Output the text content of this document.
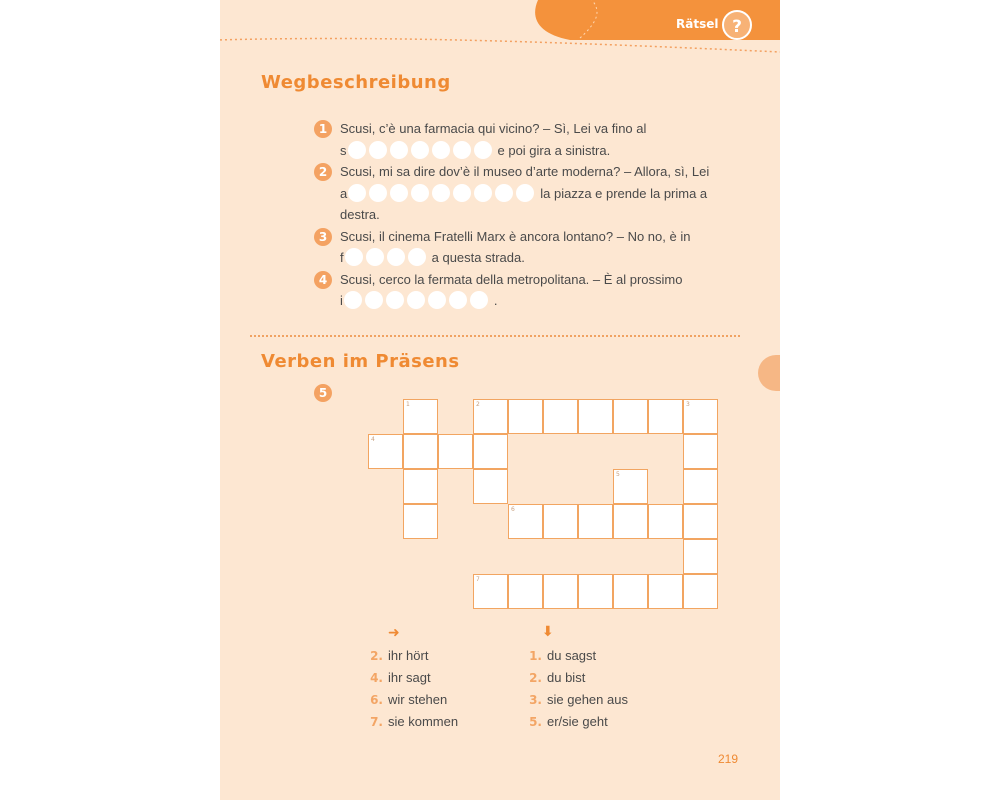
Rätsel ?
Wegbeschreibung
1 Scusi, c’è una farmacia qui vicino? – Sì, Lei va fino al
s	e poi gira a sinistra.
2 Scusi, mi sa dire dov’è il museo d’arte moderna? – Allora, sì, Lei
a	la piazza e prende la prima a
destra.
3 Scusi, il cinema Fratelli Marx è ancora lontano? – No no, è in
f	a questa strada.
4 Scusi, cerco la fermata della metropolitana. – È al prossimo
i	.
Verben im Präsens
5
1	2	3
4
5
6
7
➜	⬇
2. ihr hört
4. ihr sagt
6. wir stehen
7. sie kommen
1. du sagst
2. du bist
3. sie gehen aus
5. er/sie geht
219
